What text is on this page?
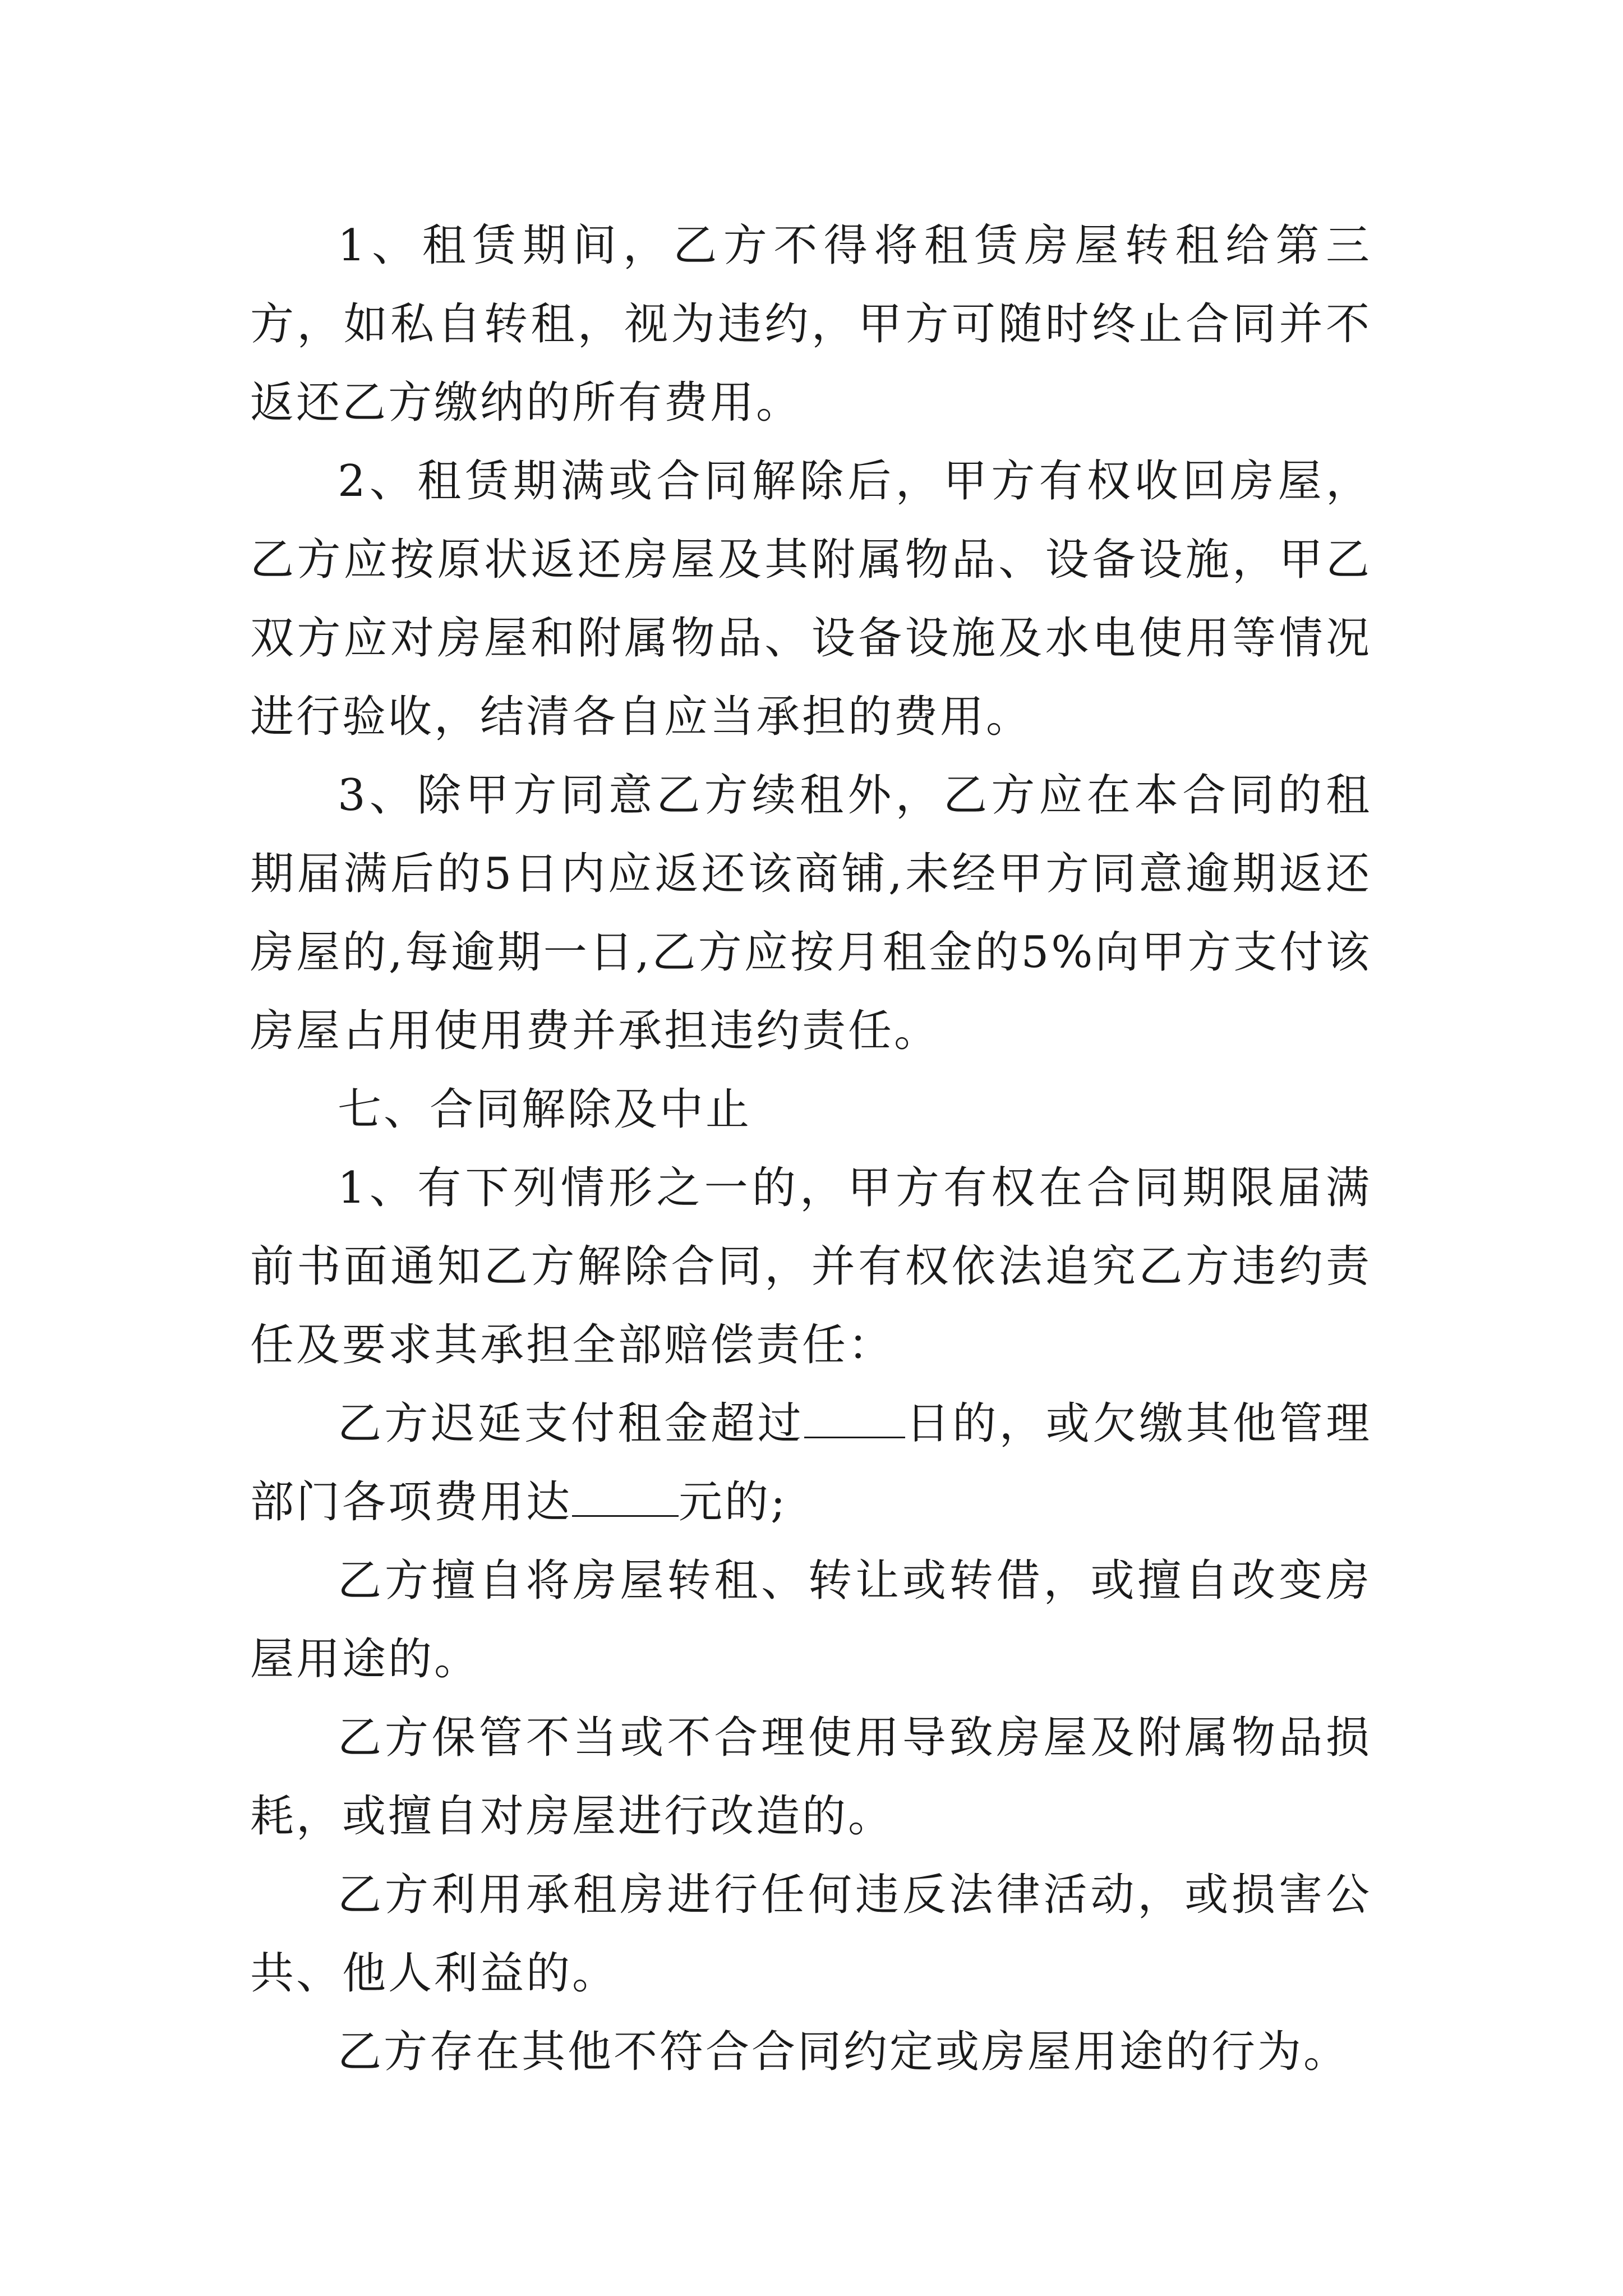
1、租赁期间，乙方不得将租赁房屋转租给第三方，如私自转租，视为违约，甲方可随时终止合同并不返还乙方缴纳的所有费用。

2、租赁期满或合同解除后，甲方有权收回房屋，乙方应按原状返还房屋及其附属物品、设备设施，甲乙双方应对房屋和附属物品、设备设施及水电使用等情况进行验收，结清各自应当承担的费用。

3、除甲方同意乙方续租外，乙方应在本合同的租期届满后的5日内应返还该商铺,未经甲方同意逾期返还房屋的,每逾期一日,乙方应按月租金的5%向甲方支付该房屋占用使用费并承担违约责任。

七、合同解除及中止

1、有下列情形之一的，甲方有权在合同期限届满前书面通知乙方解除合同，并有权依法追究乙方违约责任及要求其承担全部赔偿责任：

乙方迟延支付租金超过 日的，或欠缴其他管理部门各项费用达 元的;

乙方擅自将房屋转租、转让或转借，或擅自改变房屋用途的。

乙方保管不当或不合理使用导致房屋及附属物品损耗，或擅自对房屋进行改造的。

乙方利用承租房进行任何违反法律活动，或损害公共、他人利益的。

乙方存在其他不符合合同约定或房屋用途的行为。
